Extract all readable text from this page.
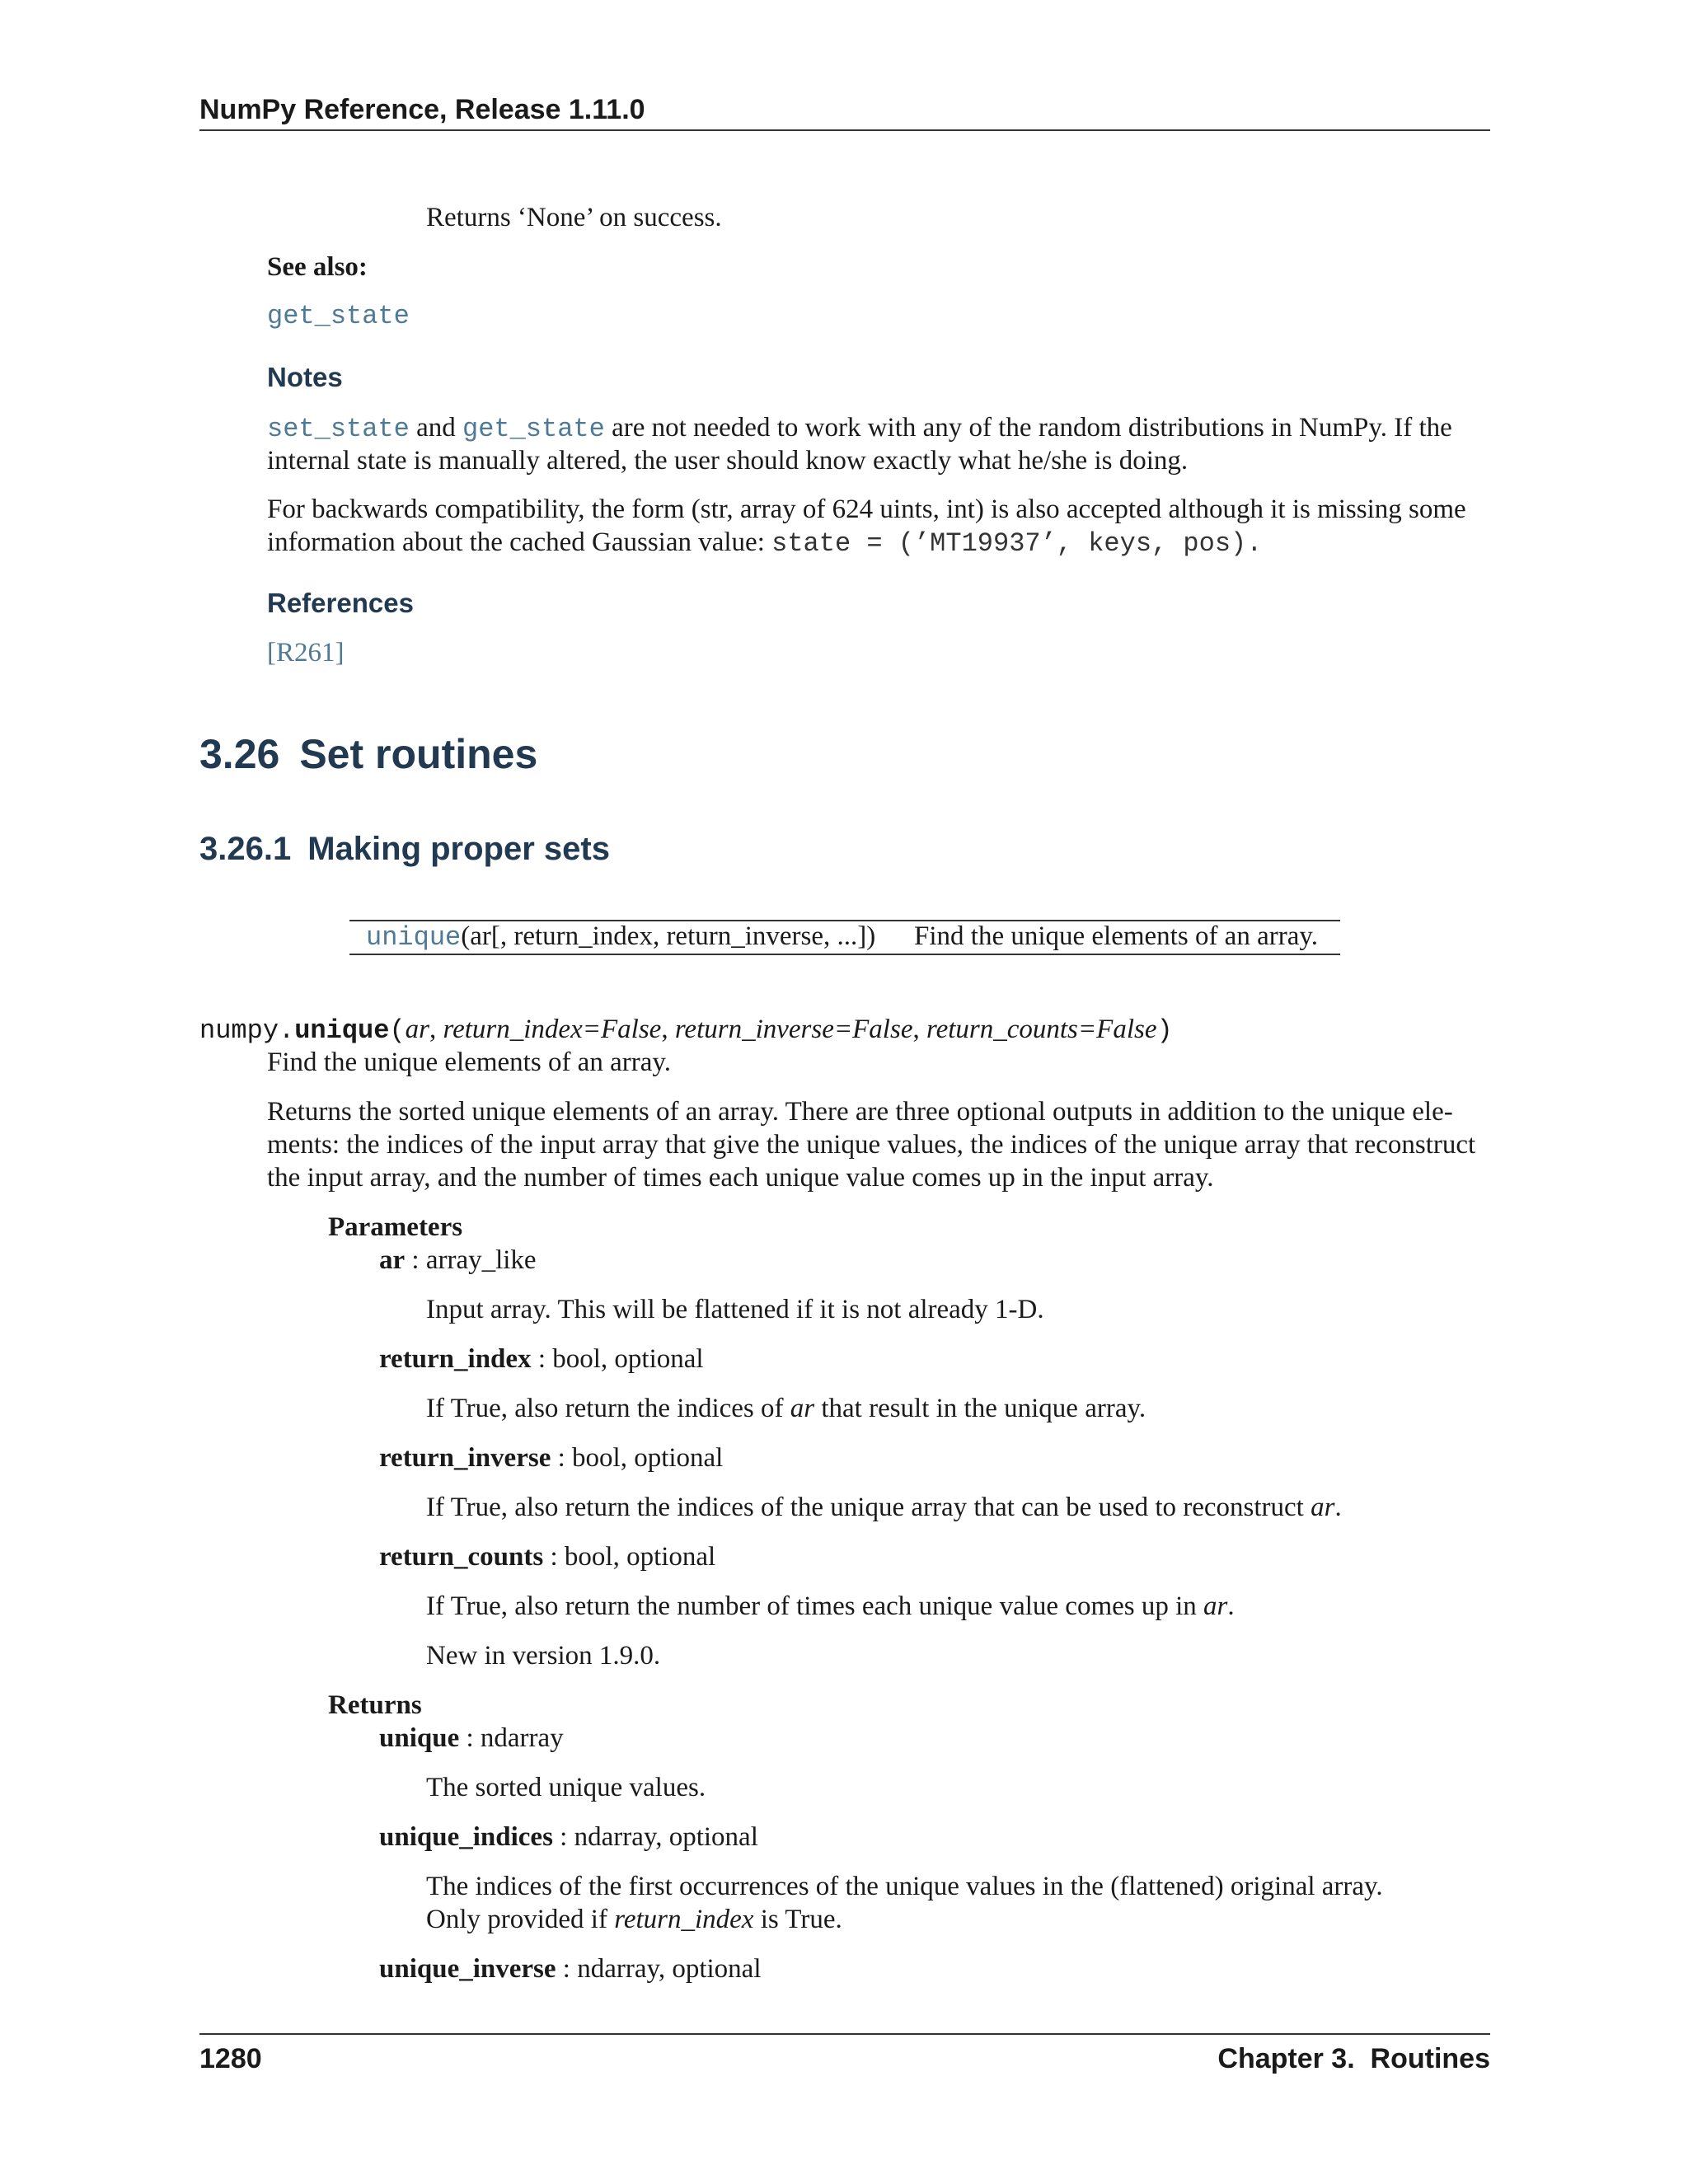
NumPy Reference, Release 1.11.0
Returns ‘None’ on success.
See also:
get_state
Notes
set_state and get_state are not needed to work with any of the random distributions in NumPy. If the
internal state is manually altered, the user should know exactly what he/she is doing.
For backwards compatibility, the form (str, array of 624 uints, int) is also accepted although it is missing some
information about the cached Gaussian value: state = (’MT19937’, keys, pos).
References
[R261]
3.26 Set routines
3.26.1 Making proper sets
unique(ar[, return_index, return_inverse, ...]) Find the unique elements of an array.
numpy.unique(ar, return_index=False, return_inverse=False, return_counts=False)
Find the unique elements of an array.
Returns the sorted unique elements of an array. There are three optional outputs in addition to the unique ele-
ments: the indices of the input array that give the unique values, the indices of the unique array that reconstruct
the input array, and the number of times each unique value comes up in the input array.
Parameters
ar : array_like
Input array. This will be flattened if it is not already 1-D.
return_index : bool, optional
If True, also return the indices of ar that result in the unique array.
return_inverse : bool, optional
If True, also return the indices of the unique array that can be used to reconstruct ar.
return_counts : bool, optional
If True, also return the number of times each unique value comes up in ar.
New in version 1.9.0.
Returns
unique : ndarray
The sorted unique values.
unique_indices : ndarray, optional
The indices of the first occurrences of the unique values in the (flattened) original array.
Only provided if return_index is True.
unique_inverse : ndarray, optional
1280	Chapter 3.  Routines
